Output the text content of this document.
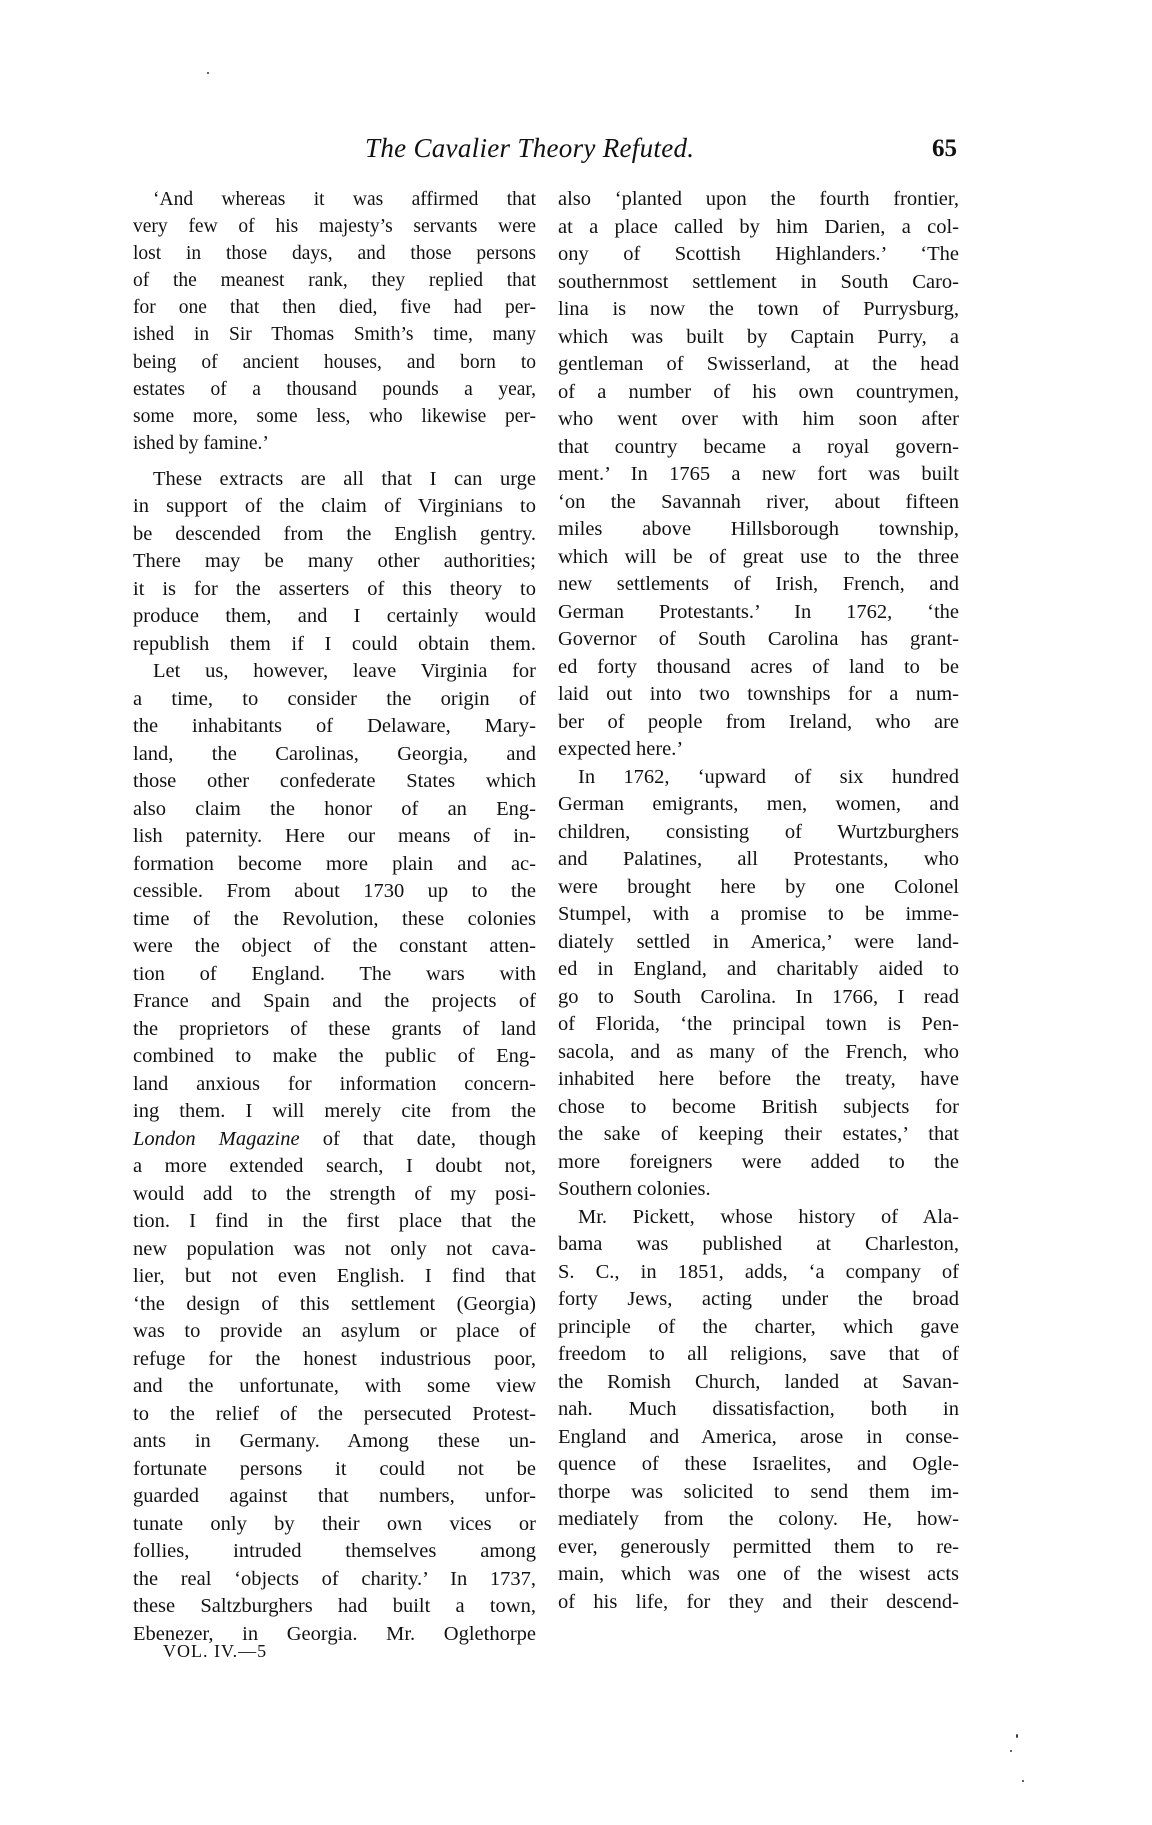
The Cavalier Theory Refuted.	65
‘And whereas it was affirmed that
very few of his majesty’s servants were
lost in those days, and those persons
of the meanest rank, they replied that
for one that then died, five had per-
ished in Sir Thomas Smith’s time, many
being of ancient houses, and born to
estates of a thousand pounds a year,
some more, some less, who likewise per-
ished by famine.’
These extracts are all that I can urge
in support of the claim of Virginians to
be descended from the English gentry.
There may be many other authorities;
it is for the asserters of this theory to
produce them, and I certainly would
republish them if I could obtain them.
Let us, however, leave Virginia for
a time, to consider the origin of
the inhabitants of Delaware, Mary-
land, the Carolinas, Georgia, and
those other confederate States which
also claim the honor of an Eng-
lish paternity. Here our means of in-
formation become more plain and ac-
cessible. From about 1730 up to the
time of the Revolution, these colonies
were the object of the constant atten-
tion of England. The wars with
France and Spain and the projects of
the proprietors of these grants of land
combined to make the public of Eng-
land anxious for information concern-
ing them. I will merely cite from the
London Magazine of that date, though
a more extended search, I doubt not,
would add to the strength of my posi-
tion. I find in the first place that the
new population was not only not cava-
lier, but not even English. I find that
‘the design of this settlement (Georgia)
was to provide an asylum or place of
refuge for the honest industrious poor,
and the unfortunate, with some view
to the relief of the persecuted Protest-
ants in Germany. Among these un-
fortunate persons it could not be
guarded against that numbers, unfor-
tunate only by their own vices or
follies, intruded themselves among
the real ‘objects of charity.’ In 1737,
these Saltzburghers had built a town,
Ebenezer, in Georgia. Mr. Oglethorpe
also ‘planted upon the fourth frontier,
at a place called by him Darien, a col-
ony of Scottish Highlanders.’ ‘The
southernmost settlement in South Caro-
lina is now the town of Purrysburg,
which was built by Captain Purry, a
gentleman of Swisserland, at the head
of a number of his own countrymen,
who went over with him soon after
that country became a royal govern-
ment.’ In 1765 a new fort was built
‘on the Savannah river, about fifteen
miles above Hillsborough township,
which will be of great use to the three
new settlements of Irish, French, and
German Protestants.’ In 1762, ‘the
Governor of South Carolina has grant-
ed forty thousand acres of land to be
laid out into two townships for a num-
ber of people from Ireland, who are
expected here.’
In 1762, ‘upward of six hundred
German emigrants, men, women, and
children, consisting of Wurtzburghers
and Palatines, all Protestants, who
were brought here by one Colonel
Stumpel, with a promise to be imme-
diately settled in America,’ were land-
ed in England, and charitably aided to
go to South Carolina. In 1766, I read
of Florida, ‘the principal town is Pen-
sacola, and as many of the French, who
inhabited here before the treaty, have
chose to become British subjects for
the sake of keeping their estates,’ that
more foreigners were added to the
Southern colonies.
Mr. Pickett, whose history of Ala-
bama was published at Charleston,
S. C., in 1851, adds, ‘a company of
forty Jews, acting under the broad
principle of the charter, which gave
freedom to all religions, save that of
the Romish Church, landed at Savan-
nah. Much dissatisfaction, both in
England and America, arose in conse-
quence of these Israelites, and Ogle-
thorpe was solicited to send them im-
mediately from the colony. He, how-
ever, generously permitted them to re-
main, which was one of the wisest acts
of his life, for they and their descend-
VOL. IV.—5
